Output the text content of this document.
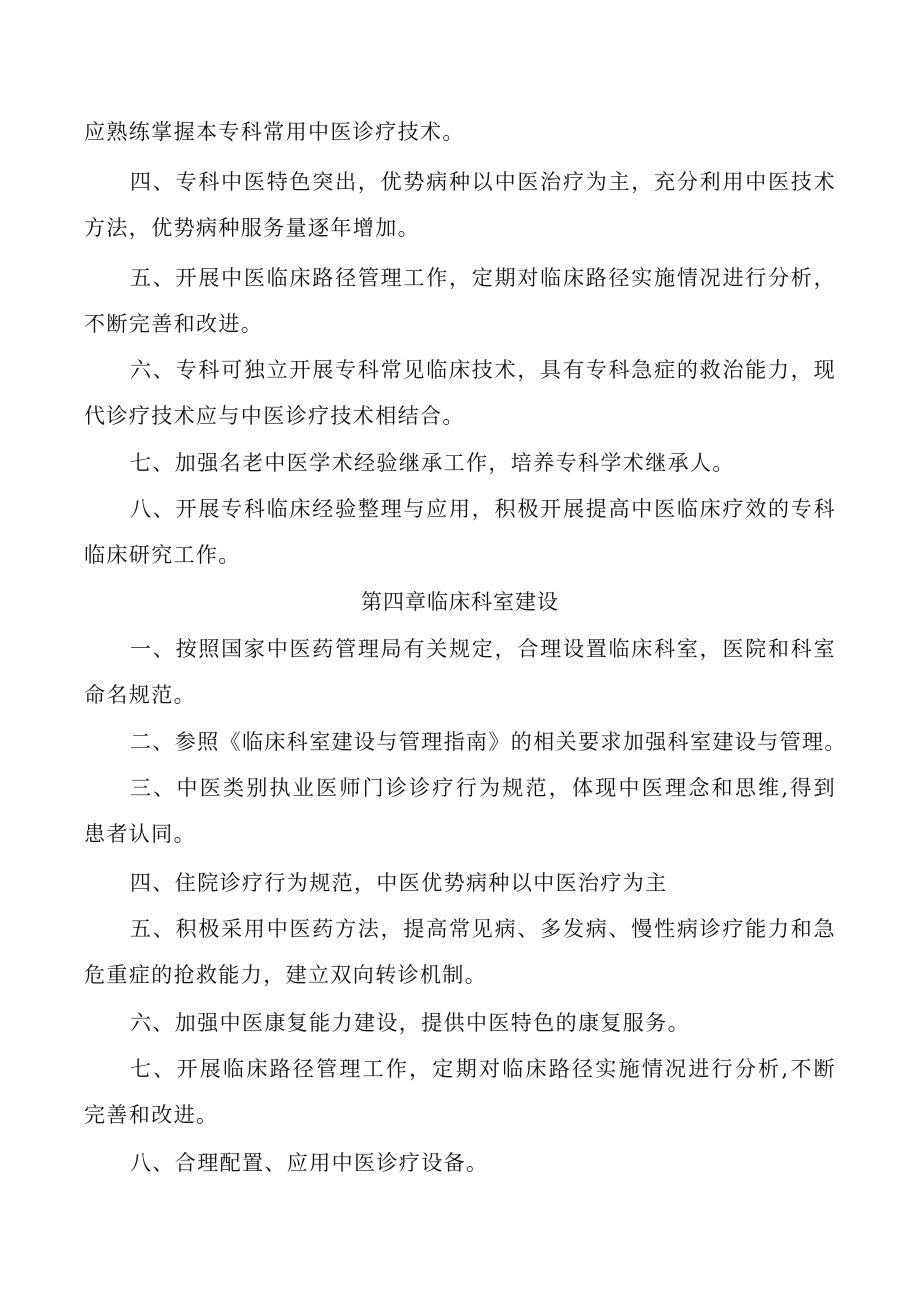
应熟练掌握本专科常用中医诊疗技术。
四、专科中医特色突出，优势病种以中医治疗为主，充分利用中医技术
方法，优势病种服务量逐年增加。
五、开展中医临床路径管理工作，定期对临床路径实施情况进行分析，
不断完善和改进。
六、专科可独立开展专科常见临床技术，具有专科急症的救治能力，现
代诊疗技术应与中医诊疗技术相结合。
七、加强名老中医学术经验继承工作，培养专科学术继承人。
八、开展专科临床经验整理与应用，积极开展提高中医临床疗效的专科
临床研究工作。
第四章临床科室建设
一、按照国家中医药管理局有关规定，合理设置临床科室，医院和科室
命名规范。
二、参照《临床科室建设与管理指南》的相关要求加强科室建设与管理。
三、中医类别执业医师门诊诊疗行为规范，体现中医理念和思维,得到
患者认同。
四、住院诊疗行为规范，中医优势病种以中医治疗为主
五、积极采用中医药方法，提高常见病、多发病、慢性病诊疗能力和急
危重症的抢救能力，建立双向转诊机制。
六、加强中医康复能力建设，提供中医特色的康复服务。
七、开展临床路径管理工作，定期对临床路径实施情况进行分析,不断
完善和改进。
八、合理配置、应用中医诊疗设备。
